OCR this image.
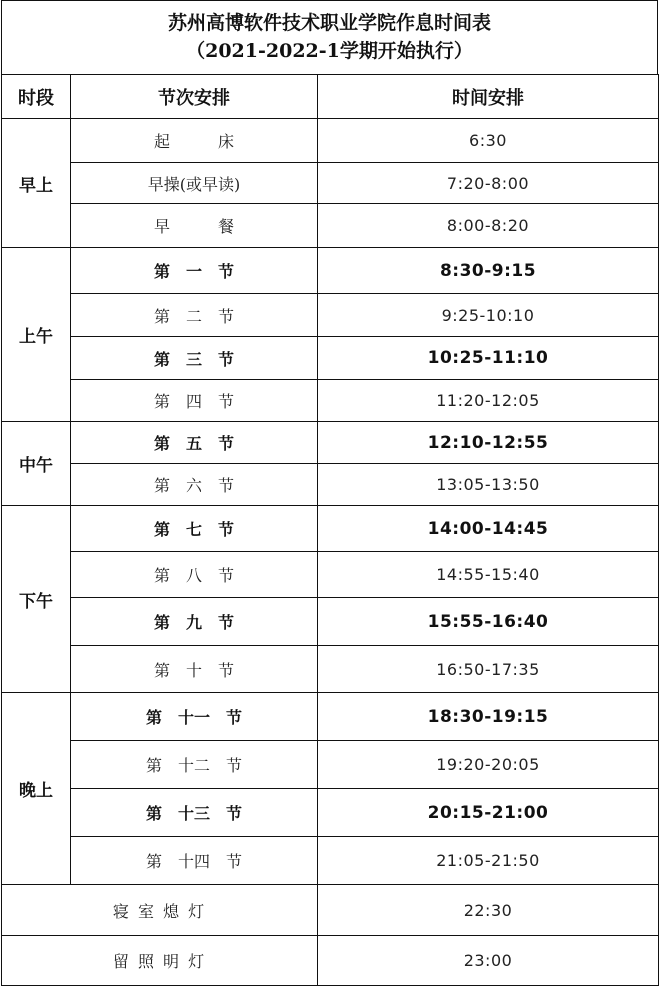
苏州高博软件技术职业学院作息时间表
（2021-2022-1学期开始执行）
时段	节次安排	时间安排
早上	起　　　床	6:30
	早操(或早读)	7:20-8:00
	早　　　餐	8:00-8:20
上午	第　一　节	8:30-9:15
	第　二　节	9:25-10:10
	第　三　节	10:25-11:10
	第　四　节	11:20-12:05
中午	第　五　节	12:10-12:55
	第　六　节	13:05-13:50
下午	第　七　节	14:00-14:45
	第　八　节	14:55-15:40
	第　九　节	15:55-16:40
	第　十　节	16:50-17:35
晚上	第　十一　节	18:30-19:15
	第　十二　节	19:20-20:05
	第　十三　节	20:15-21:00
	第　十四　节	21:05-21:50
寝 室 熄 灯		22:30
留 照 明 灯		23:00
